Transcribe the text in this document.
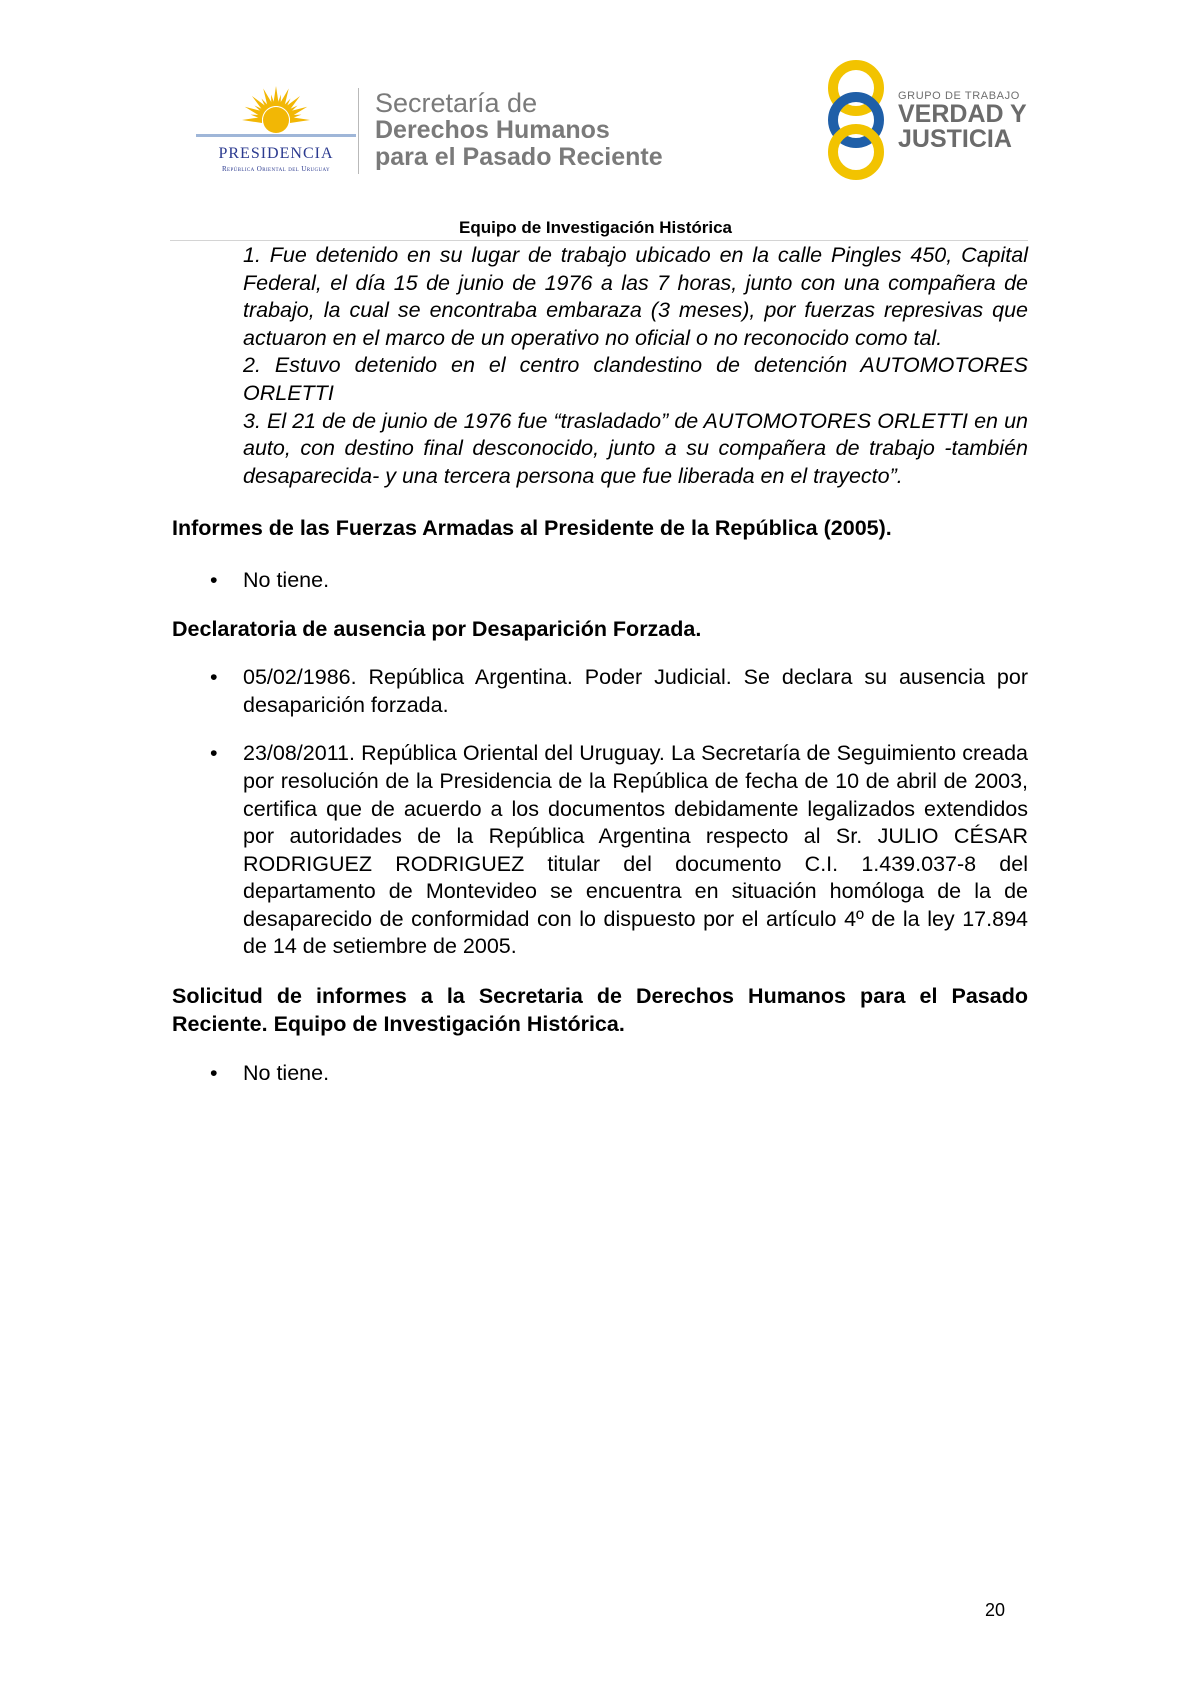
PRESIDENCIA
República Oriental del Uruguay
Secretaría de
Derechos Humanos
para el Pasado Reciente
GRUPO DE TRABAJO
VERDAD Y
JUSTICIA
Equipo de Investigación Histórica

1. Fue detenido en su lugar de trabajo ubicado en la calle Pingles 450, Capital Federal, el día 15 de junio de 1976 a las 7 horas, junto con una compañera de trabajo, la cual se encontraba embaraza (3 meses), por fuerzas represivas que actuaron en el marco de un operativo no oficial o no reconocido como tal.

2. Estuvo detenido en el centro clandestino de detención AUTOMOTORES ORLETTI

3. El 21 de de junio de 1976 fue “trasladado” de AUTOMOTORES ORLETTI en un auto, con destino final desconocido, junto a su compañera de trabajo -también desaparecida- y una tercera persona que fue liberada en el trayecto”.

Informes de las Fuerzas Armadas al Presidente de la República (2005).
• No tiene.
Declaratoria de ausencia por Desaparición Forzada.
• 05/02/1986. República Argentina. Poder Judicial. Se declara su ausencia por desaparición forzada.
• 23/08/2011. República Oriental del Uruguay. La Secretaría de Seguimiento creada por resolución de la Presidencia de la República de fecha de 10 de abril de 2003, certifica que de acuerdo a los documentos debidamente legalizados extendidos por autoridades de la República Argentina respecto al Sr. JULIO CÉSAR RODRIGUEZ RODRIGUEZ titular del documento C.I. 1.439.037-8 del departamento de Montevideo se encuentra en situación homóloga de la de desaparecido de conformidad con lo dispuesto por el artículo 4º de la ley 17.894 de 14 de setiembre de 2005.
Solicitud de informes a la Secretaria de Derechos Humanos para el Pasado Reciente. Equipo de Investigación Histórica.
• No tiene.
20
